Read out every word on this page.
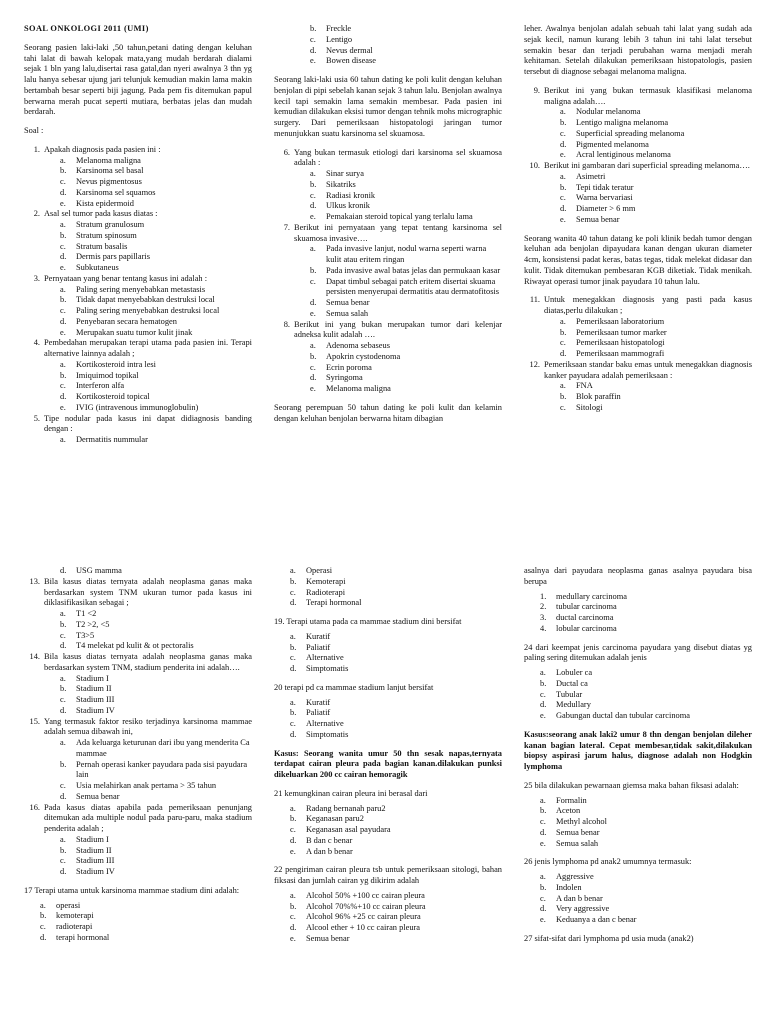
SOAL ONKOLOGI 2011 (UMI)

Seorang pasien laki-laki ,50 tahun,petani dating dengan keluhan tahi lalat di bawah kelopak mata,yang mudah berdarah dialami sejak 1 bln yang lalu,disertai rasa gatal,dan nyeri awalnya 3 thn yg lalu hanya sebesar ujung jari telunjuk kemudian makin lama makin bertambah besar seperti biji jagung. Pada pem fis ditemukan papul berwarna merah pucat seperti mutiara, berbatas jelas dan mudah berdarah.

Soal :
1. Apakah diagnosis pada pasien ini :
a.	Melanoma maligna
b.	Karsinoma sel basal
c.	Nevus pigmentosus
d.	Karsinoma sel squamos
e.	Kista epidermoid
2. Asal sel tumor pada kasus diatas :
a.	Stratum granulosum
b.	Stratum spinosum
c.	Stratum basalis
d.	Dermis pars papillaris
e.	Subkutaneus
3. Pernyataan yang benar tentang kasus ini adalah :
a.	Paling sering menyebabkan metastasis
b.	Tidak dapat menyebabkan destruksi local
c.	Paling sering menyebabkan destruksi local
d.	Penyebaran secara hematogen
e.	Merupakan suatu tumor kulit jinak
4. Pembedahan merupakan terapi utama pada pasien ini. Terapi alternative lainnya adalah ;
a.	Kortikosteroid intra lesi
b.	Imiquimod topikal
c.	Interferon alfa
d.	Kortikosteroid topical
e.	IVIG (intravenous immunoglobulin)
5. Tipe nodular pada kasus ini dapat didiagnosis banding dengan :
a.	Dermatitis nummular
b.	Freckle
c.	Lentigo
d.	Nevus dermal
e.	Bowen disease

Seorang laki-laki usia 60 tahun dating ke poli kulit dengan keluhan benjolan di pipi sebelah kanan sejak 3 tahun lalu. Benjolan awalnya kecil tapi semakin lama semakin membesar. Pada pasien ini kemudian dilakukan eksisi tumor dengan tehnik mohs micrographic surgery. Dari pemeriksaan histopatologi jaringan tumor menunjukkan suatu karsinoma sel skuamosa.

6. Yang bukan termasuk etiologi dari karsinoma sel skuamosa adalah :
a.	Sinar surya
b.	Sikatriks
c.	Radiasi kronik
d.	Ulkus kronik
e.	Pemakaian steroid topical yang terlalu lama
7. Berikut ini pernyataan yang tepat tentang karsinoma sel skuamosa invasive….
a.	Pada invasive lanjut, nodul warna seperti warna kulit atau eritem ringan
b.	Pada invasive awal batas jelas dan permukaan kasar
c.	Dapat timbul sebagai patch eritem disertai skuama persisten menyerupai dermatitis atau dermatofitosis
d.	Semua benar
e.	Semua salah
8. Berikut ini yang bukan merupakan tumor dari kelenjar adneksa kulit adalah ….
a.	Adenoma sebaseus
b.	Apokrin cystodenoma
c.	Ecrin poroma
d.	Syringoma
e.	Melanoma maligna

Seorang perempuan 50 tahun dating ke poli kulit dan kelamin dengan keluhan benjolan berwarna hitam dibagian

leher. Awalnya benjolan adalah sebuah tahi lalat yang sudah ada sejak kecil, namun kurang lebih 3 tahun ini tahi lalat tersebut semakin besar dan terjadi perubahan warna menjadi merah kehitaman. Setelah dilakukan pemeriksaan histopatologis, pasien tersebut di diagnose sebagai melanoma maligna.

9. Berikut ini yang bukan termasuk klasifikasi melanoma maligna adalah….
a.	Nodular melanoma
b.	Lentigo maligna melanoma
c.	Superficial spreading melanoma
d.	Pigmented melanoma
e.	Acral lentiginous melanoma
10. Berikut ini gambaran dari superficial spreading melanoma….
a.	Asimetri
b.	Tepi tidak teratur
c.	Warna bervariasi
d.	Diameter > 6 mm
e.	Semua benar

Seorang wanita 40 tahun datang ke poli klinik bedah tumor dengan keluhan ada benjolan dipayudara kanan dengan ukuran diameter 4cm, konsistensi padat keras, batas tegas, tidak melekat didasar dan kulit. Tidak ditemukan pembesaran KGB diketiak. Tidak menikah. Riwayat operasi tumor jinak payudara 10 tahun lalu.

11. Untuk menegakkan diagnosis yang pasti pada kasus diatas,perlu dilakukan ;
a.	Pemeriksaan laboratorium
b.	Pemeriksaan tumor marker
c.	Pemeriksaan histopatologi
d.	Pemeriksaan mammografi
12. Pemeriksaan standar baku emas untuk menegakkan diagnosis kanker payudara adalah pemeriksaan :
a.	FNA
b.	Blok paraffin
c.	Sitologi
d.	USG mamma
13. Bila kasus diatas ternyata adalah neoplasma ganas maka berdasarkan system TNM ukuran tumor pada kasus ini diklasifikasikan sebagai ;
a.	T1 <2
b.	T2 >2, <5
c.	T3>5
d.	T4 melekat pd kulit & ot pectoralis
14. Bila kasus diatas ternyata adalah neoplasma ganas maka berdasarkan system TNM, stadium penderita ini adalah….
a.	Stadium I
b.	Stadium II
c.	Stadium III
d.	Stadium IV
15. Yang termasuk faktor resiko terjadinya karsinoma mammae adalah semua dibawah ini,
a.	Ada keluarga keturunan dari ibu yang menderita Ca mammae
b.	Pernah operasi kanker payudara pada sisi payudara lain
c.	Usia melahirkan anak pertama > 35 tahun
d.	Semua benar
16. Pada kasus diatas apabila pada pemeriksaan penunjang ditemukan ada multiple nodul pada paru-paru, maka stadium penderita adalah ;
a.	Stadium I
b.	Stadium II
c.	Stadium III
d.	Stadium IV

17 Terapi utama untuk karsinoma mammae stadium dini adalah:

a.	operasi
b.	kemoterapi
c.	radioterapi
d.	terapi hormonal
a.	Operasi
b.	Kemoterapi
c.	Radioterapi
d.	Terapi hormonal

19. Terapi utama pada ca mammae stadium dini bersifat

a.	Kuratif
b.	Paliatif
c.	Alternative
d.	Simptomatis

20 terapi pd ca mammae stadium lanjut bersifat

a.	Kuratif
b.	Paliatif
c.	Alternative
d.	Simptomatis

Kasus: Seorang wanita umur 50 thn sesak napas,ternyata terdapat cairan pleura pada bagian kanan.dilakukan punksi dikeluarkan 200 cc cairan hemoragik

21 kemungkinan cairan pleura ini berasal dari

a.	Radang bernanah paru2
b.	Keganasan paru2
c.	Keganasan asal payudara
d.	B dan c benar
e.	A dan b benar

22 pengiriman cairan pleura tsb untuk pemeriksaan sitologi, bahan fiksasi dan jumlah cairan yg dikirim adalah

a.	Alcohol 50% +100 cc cairan pleura
b.	Alcohol 70%%+10 cc cairan pleura
c.	Alcohol 96% +25 cc cairan pleura
d.	Alcool ether + 10 cc cairan pleura
e.	Semua benar

asalnya dari payudara neoplasma ganas asalnya payudara bisa berupa

1.	medullary carcinoma
2.	tubular carcinoma
3.	ductal carcinoma
4.	lobular carcinoma

24 dari keempat jenis carcinoma payudara yang disebut diatas yg paling sering ditemukan adalah jenis

a.	Lobuler ca
b.	Ductal ca
c.	Tubular
d.	Medullary
e.	Gabungan ductal dan tubular carcinoma

Kasus:seorang anak laki2 umur 8 thn dengan benjolan dileher kanan bagian lateral. Cepat membesar,tidak sakit,dilakukan biopsy aspirasi jarum halus, diagnose adalah non Hodgkin lymphoma

25 bila dilakukan pewarnaan giemsa maka bahan fiksasi adalah:

a.	Formalin
b.	Aceton
c.	Methyl alcohol
d.	Semua benar
e.	Semua salah

26 jenis lymphoma pd anak2 umumnya termasuk:

a.	Aggressive
b.	Indolen
c.	A dan b benar
d.	Very aggressive
e.	Keduanya a dan c benar

27 sifat-sifat dari lymphoma pd usia muda (anak2)
